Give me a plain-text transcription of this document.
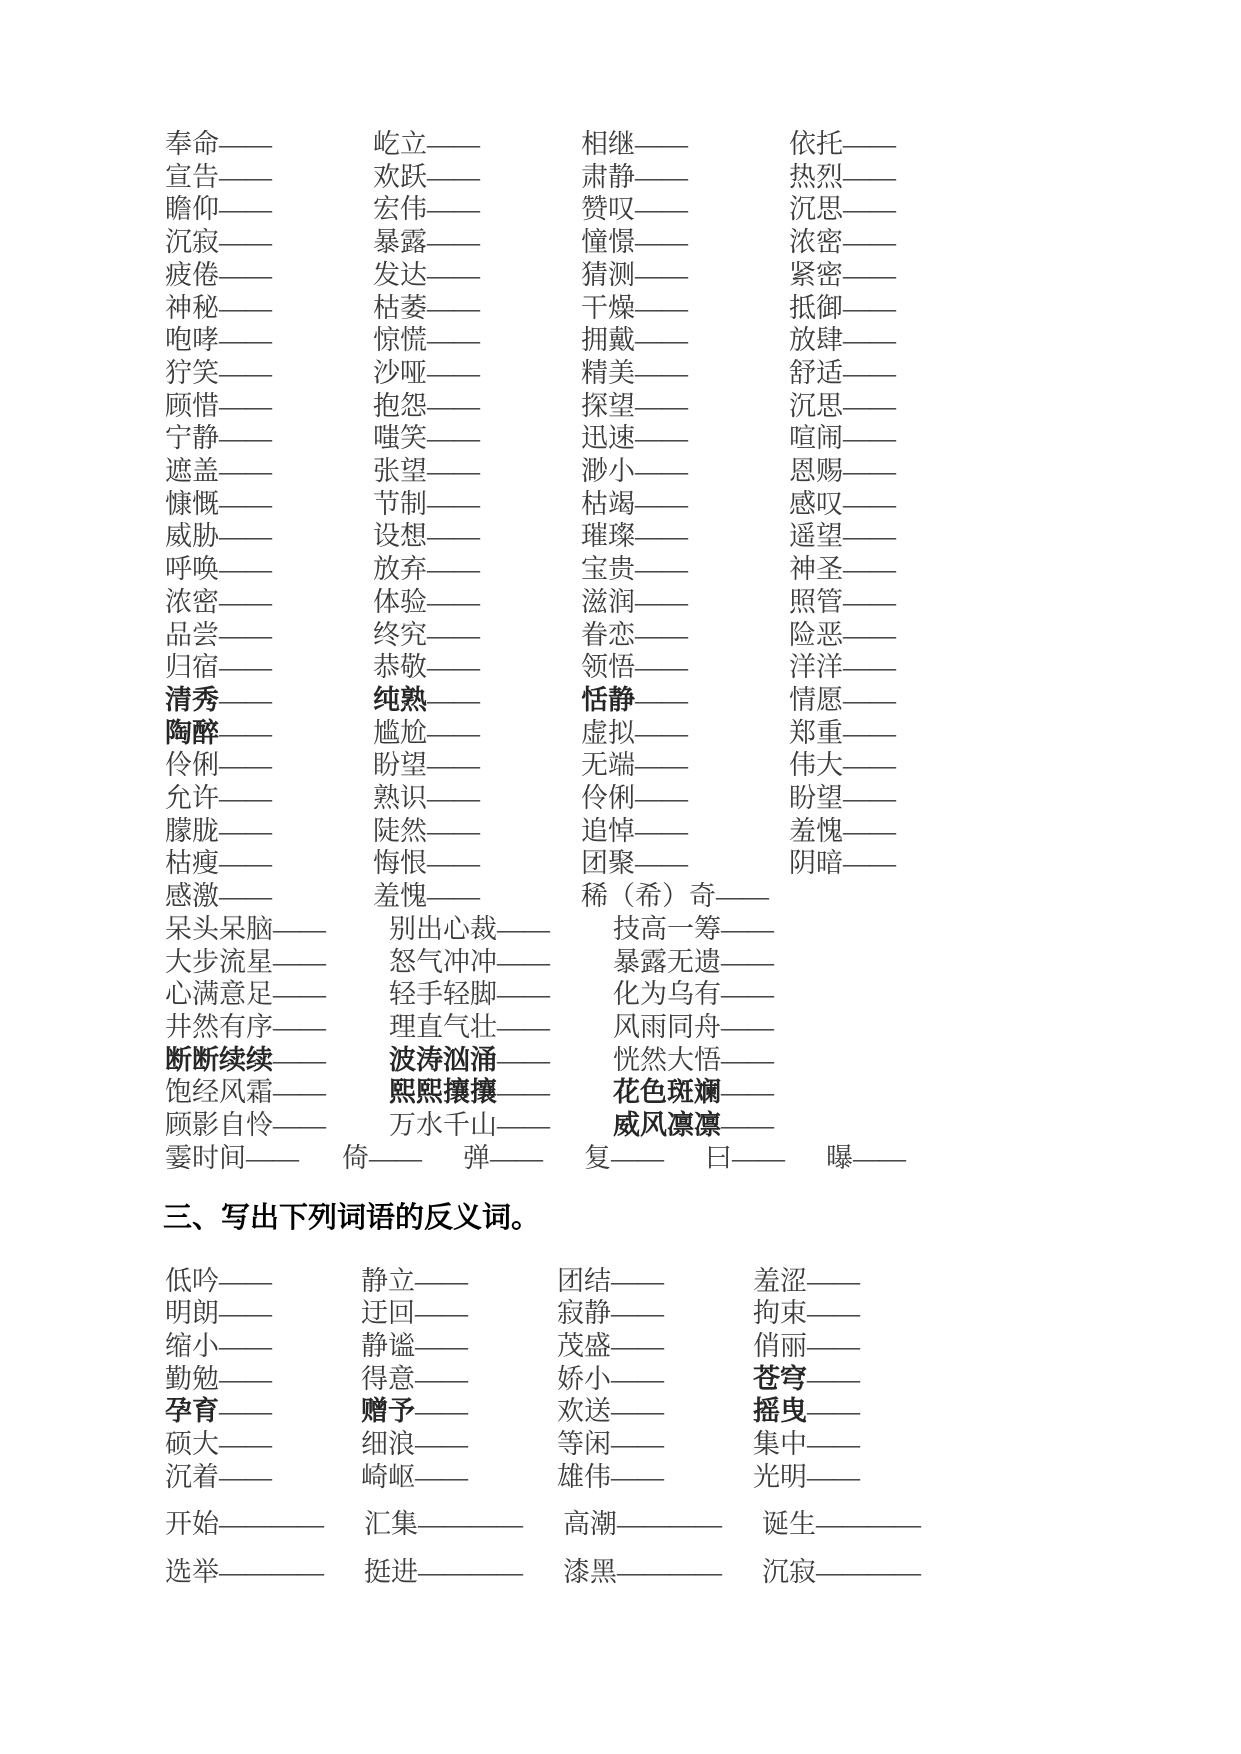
奉命——	屹立——	相继——	依托——
宣告——	欢跃——	肃静——	热烈——
瞻仰——	宏伟——	赞叹——	沉思——
沉寂——	暴露——	憧憬——	浓密——
疲倦——	发达——	猜测——	紧密——
神秘——	枯萎——	干燥——	抵御——
咆哮——	惊慌——	拥戴——	放肆——
狞笑——	沙哑——	精美——	舒适——
顾惜——	抱怨——	探望——	沉思——
宁静——	嗤笑——	迅速——	喧闹——
遮盖——	张望——	渺小——	恩赐——
慷慨——	节制——	枯竭——	感叹——
威胁——	设想——	璀璨——	遥望——
呼唤——	放弃——	宝贵——	神圣——
浓密——	体验——	滋润——	照管——
品尝——	终究——	眷恋——	险恶——
归宿——	恭敬——	领悟——	洋洋——
清秀——	纯熟——	恬静——	情愿——
陶醉——	尴尬——	虚拟——	郑重——
伶俐——	盼望——	无端——	伟大——
允许——	熟识——	伶俐——	盼望——
朦胧——	陡然——	追悼——	羞愧——
枯瘦——	悔恨——	团聚——	阴暗——
感激——	羞愧——	稀（希）奇——
呆头呆脑——	别出心裁——	技高一筹——
大步流星——	怒气冲冲——	暴露无遗——
心满意足——	轻手轻脚——	化为乌有——
井然有序——	理直气壮——	风雨同舟——
断断续续——	波涛汹涌——	恍然大悟——
饱经风霜——	熙熙攘攘——	花色斑斓——
顾影自怜——	万水千山——	威风凛凛——
霎时间——	倚——	弹——	复——	曰——	曝——
三、写出下列词语的反义词。
低吟——	静立——	团结——	羞涩——
明朗——	迂回——	寂静——	拘束——
缩小——	静谧——	茂盛——	俏丽——
勤勉——	得意——	娇小——	苍穹——
孕育——	赠予——	欢送——	摇曳——
硕大——	细浪——	等闲——	集中——
沉着——	崎岖——	雄伟——	光明——
开始————	汇集————	高潮————	诞生————
选举————	挺进————	漆黑————	沉寂————
